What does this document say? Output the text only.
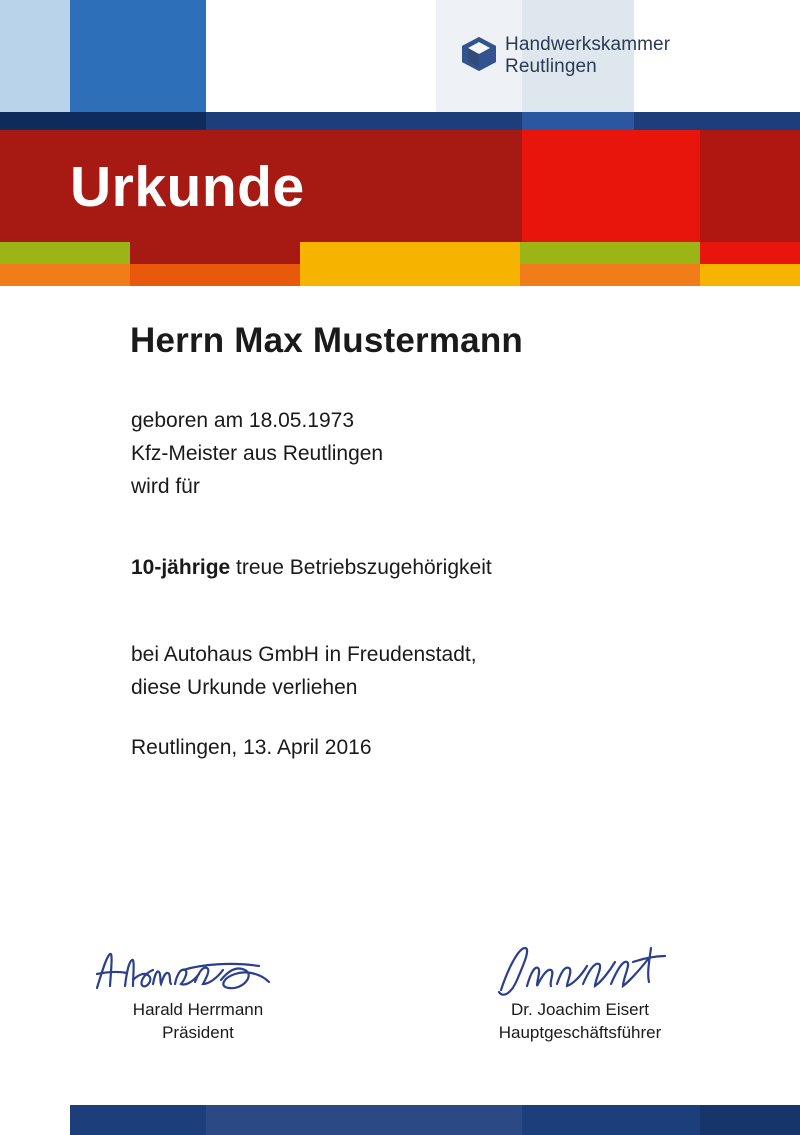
Handwerkskammer
Reutlingen
Urkunde
Herrn Max Mustermann
geboren am 18.05.1973
Kfz-Meister aus Reutlingen
wird für
10-jährige treue Betriebszugehörigkeit
bei Autohaus GmbH in Freudenstadt,
diese Urkunde verliehen
Reutlingen, 13. April 2016
Harald Herrmann
Präsident
Dr. Joachim Eisert
Hauptgeschäftsführer
